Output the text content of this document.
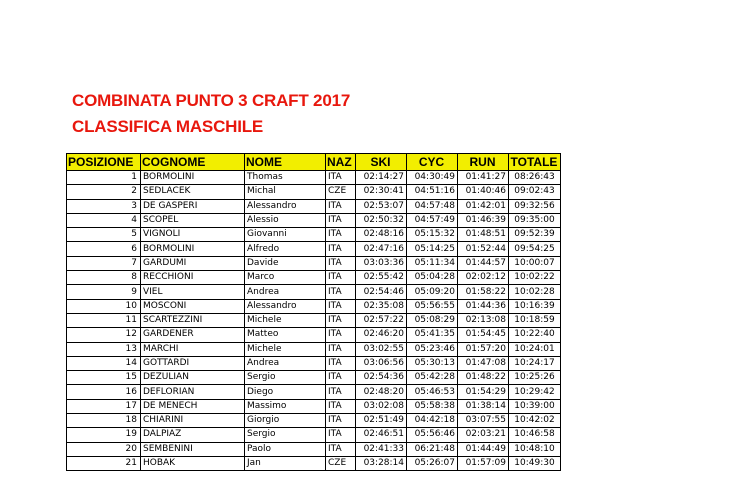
COMBINATA PUNTO 3 CRAFT 2017
CLASSIFICA MASCHILE
POSIZIONE	COGNOME	NOME	NAZ	SKI	CYC	RUN	TOTALE
1	BORMOLINI	Thomas	ITA	02:14:27	04:30:49	01:41:27	08:26:43
2	SEDLACEK	Michal	CZE	02:30:41	04:51:16	01:40:46	09:02:43
3	DE GASPERI	Alessandro	ITA	02:53:07	04:57:48	01:42:01	09:32:56
4	SCOPEL	Alessio	ITA	02:50:32	04:57:49	01:46:39	09:35:00
5	VIGNOLI	Giovanni	ITA	02:48:16	05:15:32	01:48:51	09:52:39
6	BORMOLINI	Alfredo	ITA	02:47:16	05:14:25	01:52:44	09:54:25
7	GARDUMI	Davide	ITA	03:03:36	05:11:34	01:44:57	10:00:07
8	RECCHIONI	Marco	ITA	02:55:42	05:04:28	02:02:12	10:02:22
9	VIEL	Andrea	ITA	02:54:46	05:09:20	01:58:22	10:02:28
10	MOSCONI	Alessandro	ITA	02:35:08	05:56:55	01:44:36	10:16:39
11	SCARTEZZINI	Michele	ITA	02:57:22	05:08:29	02:13:08	10:18:59
12	GARDENER	Matteo	ITA	02:46:20	05:41:35	01:54:45	10:22:40
13	MARCHI	Michele	ITA	03:02:55	05:23:46	01:57:20	10:24:01
14	GOTTARDI	Andrea	ITA	03:06:56	05:30:13	01:47:08	10:24:17
15	DEZULIAN	Sergio	ITA	02:54:36	05:42:28	01:48:22	10:25:26
16	DEFLORIAN	Diego	ITA	02:48:20	05:46:53	01:54:29	10:29:42
17	DE MENECH	Massimo	ITA	03:02:08	05:58:38	01:38:14	10:39:00
18	CHIARINI	Giorgio	ITA	02:51:49	04:42:18	03:07:55	10:42:02
19	DALPIAZ	Sergio	ITA	02:46:51	05:56:46	02:03:21	10:46:58
20	SEMBENINI	Paolo	ITA	02:41:33	06:21:48	01:44:49	10:48:10
21	HOBAK	Jan	CZE	03:28:14	05:26:07	01:57:09	10:49:30
